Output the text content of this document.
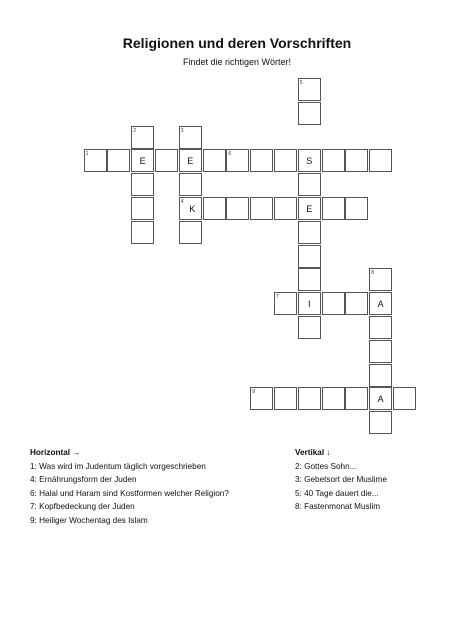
Religionen und deren Vorschriften
Findet die richtigen Wörter!
5
2	3
1
E	E
6
S
4
K	E
8
7
I	A
9
A
Horizontal →
1: Was wird im Judentum täglich vorgeschrieben
4: Ernährungsform der Juden
6: Halal und Haram sind Kostformen welcher Religion?
7: Kopfbedeckung der Juden
9: Heiliger Wochentag des Islam
Vertikal ↓
2: Gottes Sohn...
3: Gebetsort der Muslime
5: 40 Tage dauert die...
8: Fastenmonat Muslim
